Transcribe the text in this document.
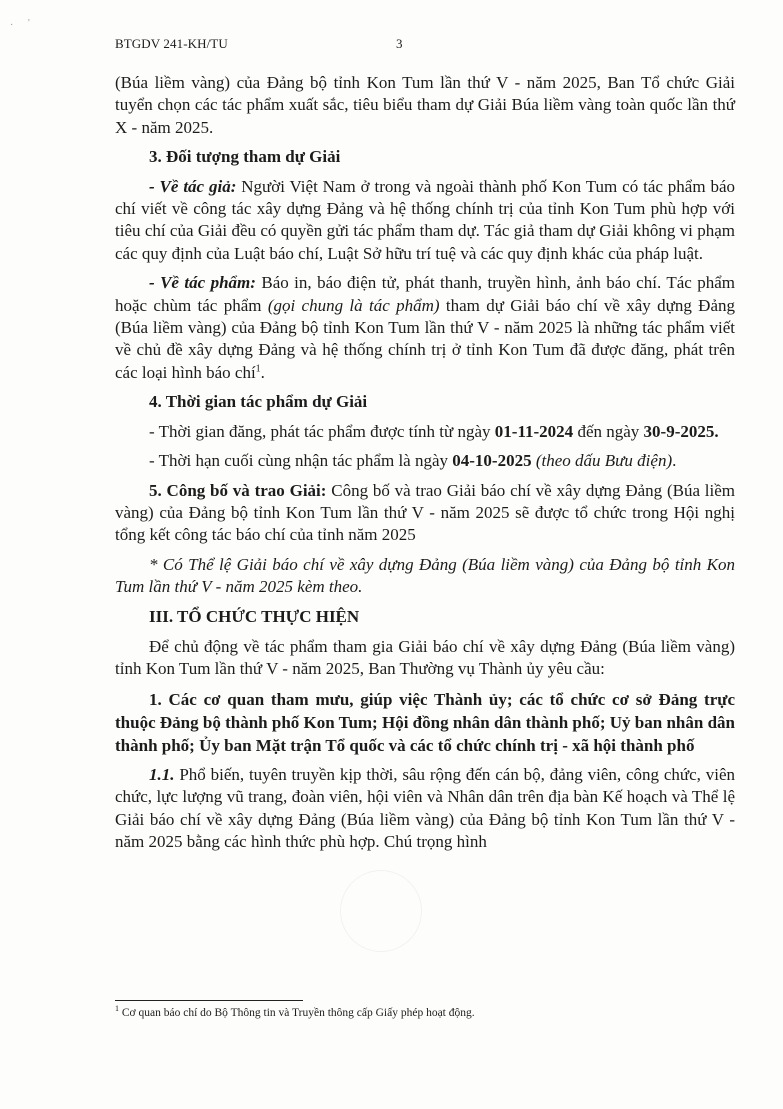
BTGDV 241-KH/TU	3
· '

(Búa liềm vàng) của Đảng bộ tỉnh Kon Tum lần thứ V - năm 2025, Ban Tổ chức Giải tuyển chọn các tác phẩm xuất sắc, tiêu biểu tham dự Giải Búa liềm vàng toàn quốc lần thứ X - năm 2025.

3. Đối tượng tham dự Giải

- Về tác giả: Người Việt Nam ở trong và ngoài thành phố Kon Tum có tác phẩm báo chí viết về công tác xây dựng Đảng và hệ thống chính trị của tỉnh Kon Tum phù hợp với tiêu chí của Giải đều có quyền gửi tác phẩm tham dự. Tác giả tham dự Giải không vi phạm các quy định của Luật báo chí, Luật Sở hữu trí tuệ và các quy định khác của pháp luật.

- Về tác phẩm: Báo in, báo điện tử, phát thanh, truyền hình, ảnh báo chí. Tác phẩm hoặc chùm tác phẩm (gọi chung là tác phẩm) tham dự Giải báo chí về xây dựng Đảng (Búa liềm vàng) của Đảng bộ tỉnh Kon Tum lần thứ V - năm 2025 là những tác phẩm viết về chủ đề xây dựng Đảng và hệ thống chính trị ở tỉnh Kon Tum đã được đăng, phát trên các loại hình báo chí$^1$.

4. Thời gian tác phẩm dự Giải

- Thời gian đăng, phát tác phẩm được tính từ ngày 01-11-2024 đến ngày 30-9-2025.

- Thời hạn cuối cùng nhận tác phẩm là ngày 04-10-2025 (theo dấu Bưu điện).

5. Công bố và trao Giải: Công bố và trao Giải báo chí về xây dựng Đảng (Búa liềm vàng) của Đảng bộ tỉnh Kon Tum lần thứ V - năm 2025 sẽ được tổ chức trong Hội nghị tổng kết công tác báo chí của tỉnh năm 2025

* Có Thể lệ Giải báo chí về xây dựng Đảng (Búa liềm vàng) của Đảng bộ tỉnh Kon Tum lần thứ V - năm 2025 kèm theo.

III. TỔ CHỨC THỰC HIỆN

Để chủ động về tác phẩm tham gia Giải báo chí về xây dựng Đảng (Búa liềm vàng) tỉnh Kon Tum lần thứ V - năm 2025, Ban Thường vụ Thành ủy yêu cầu:

1. Các cơ quan tham mưu, giúp việc Thành ủy; các tổ chức cơ sở Đảng trực thuộc Đảng bộ thành phố Kon Tum; Hội đồng nhân dân thành phố; Uỷ ban nhân dân thành phố; Ủy ban Mặt trận Tổ quốc và các tổ chức chính trị - xã hội thành phố

1.1. Phổ biến, tuyên truyền kịp thời, sâu rộng đến cán bộ, đảng viên, công chức, viên chức, lực lượng vũ trang, đoàn viên, hội viên và Nhân dân trên địa bàn Kế hoạch và Thể lệ Giải báo chí về xây dựng Đảng (Búa liềm vàng) của Đảng bộ tỉnh Kon Tum lần thứ V - năm 2025 bằng các hình thức phù hợp. Chú trọng hình

$^1$ Cơ quan báo chí do Bộ Thông tin và Truyền thông cấp Giấy phép hoạt động.
